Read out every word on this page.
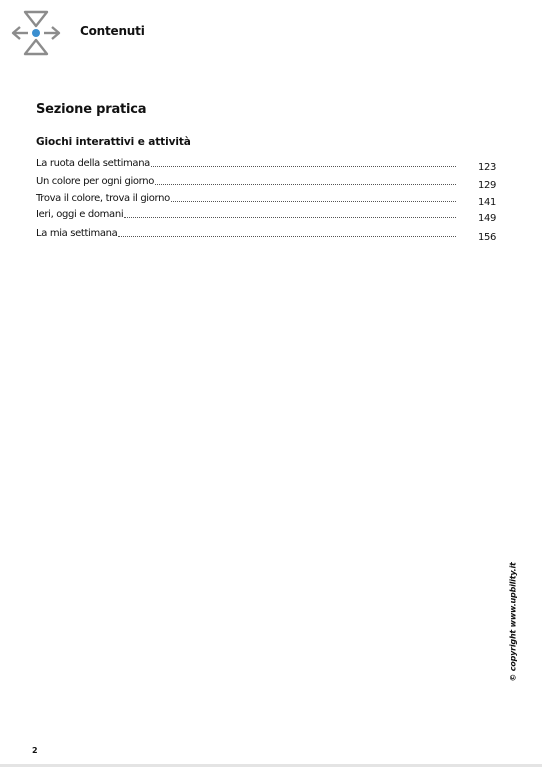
Contenuti
Sezione pratica
Giochi interattivi e attività
La ruota della settimana	123
Un colore per ogni giorno	129
Trova il colore, trova il giorno	141
Ieri, oggi e domani	149
La mia settimana	156
© copyright www.upbility.it
2
